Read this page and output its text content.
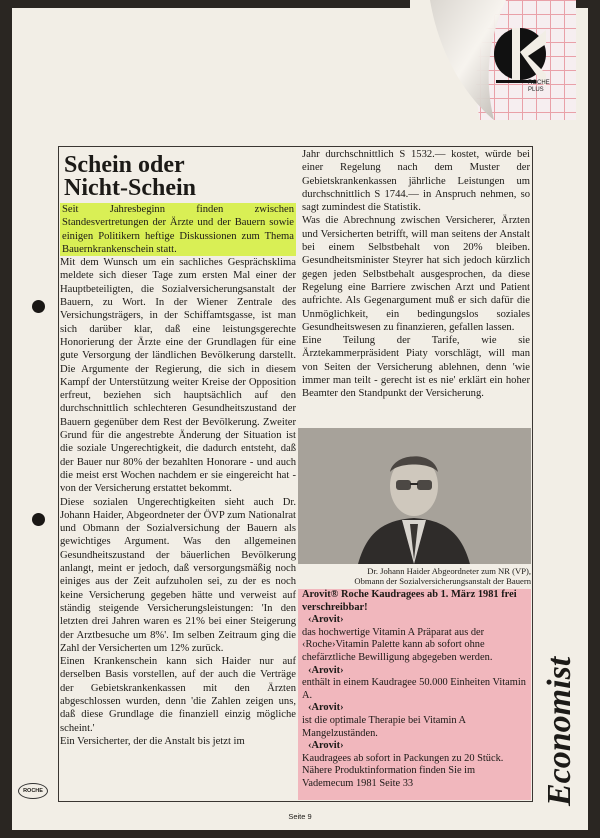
ROCHE
PLUS
Schein oder
Nicht-Schein

Seit Jahresbeginn finden zwischen Standesvertretungen der Ärzte und der Bauern sowie einigen Politikern heftige Diskussionen zum Thema Bauernkrankenschein statt.

Mit dem Wunsch um ein sachliches Gesprächsklima meldete sich dieser Tage zum ersten Mal einer der Hauptbeteiligten, die Sozialversicherungsanstalt der Bauern, zu Wort. In der Wiener Zentrale des Versichungsträgers, in der Schiffamtsgasse, ist man sich darüber klar, daß eine leistungsgerechte Honorierung der Ärzte eine der Grundlagen für eine gute Versorgung der ländlichen Bevölkerung darstellt. Die Argumente der Regierung, die sich in diesem Kampf der Unterstützung weiter Kreise der Opposition erfreut, beziehen sich hauptsächlich auf den durchschnittlich schlechteren Gesundheitszustand der Bauern gegenüber dem Rest der Bevölkerung. Zweiter Grund für die angestrebte Änderung der Situation ist die soziale Ungerechtigkeit, die dadurch entsteht, daß der Bauer nur 80% der bezahlten Honorare - und auch die meist erst Wochen nachdem er sie eingereicht hat - von der Versicherung erstattet bekommt.

Diese sozialen Ungerechtigkeiten sieht auch Dr. Johann Haider, Abgeordneter der ÖVP zum Nationalrat und Obmann der Sozialversichung der Bauern als gewichtiges Argument. Was den allgemeinen Gesundheitszustand der bäuerlichen Bevölkerung anlangt, meint er jedoch, daß versorgungsmäßig noch einiges aus der Zeit aufzuholen sei, zu der es noch keine Versicherung gegeben hätte und verweist auf ständig steigende Versicherungsleistungen: 'In den letzten drei Jahren waren es 21% bei einer Steigerung der Arztbesuche um 8%'. Im selben Zeitraum ging die Zahl der Versicherten um 12% zurück.

Einen Krankenschein kann sich Haider nur auf derselben Basis vorstellen, auf der auch die Verträge der Gebietskrankenkassen mit den Ärzten abgeschlossen wurden, denn 'die Zahlen zeigen uns, daß diese Grundlage die finanziell einzig mögliche scheint.'

Ein Versicherter, der die Anstalt bis jetzt im

Jahr durchschnittlich S 1532.— kostet, würde bei einer Regelung nach dem Muster der Gebietskrankenkassen jährliche Leistungen um durchschnittlich S 1744.— in Anspruch nehmen, so sagt zumindest die Statistik.

Was die Abrechnung zwischen Versicherer, Ärzten und Versicherten betrifft, will man seitens der Anstalt bei einem Selbstbehalt von 20% bleiben. Gesundheitsminister Steyrer hat sich jedoch kürzlich gegen jeden Selbstbehalt ausgesprochen, da diese Regelung eine Barriere zwischen Arzt und Patient aufrichte. Als Gegenargument muß er sich dafür die Unmöglichkeit, ein bedingungslos soziales Gesundheitswesen zu finanzieren, gefallen lassen.

Eine Teilung der Tarife, wie sie Ärztekammerpräsident Piaty vorschlägt, will man von Seiten der Versicherung ablehnen, denn 'wie immer man teilt - gerecht ist es nie' erklärt ein hoher Beamter den Standpunkt der Versicherung.

Dr. Johann Haider Abgeordneter zum NR (VP),
Obmann der Sozialversicherungsanstalt der Bauern
Arovit® Roche Kaudragees ab 1. März 1981 frei verschreibbar!
‹Arovit›
das hochwertige Vitamin A Präparat aus der ‹Roche›Vitamin Palette kann ab sofort ohne chefärztliche Bewilligung abgegeben werden.
‹Arovit›
enthält in einem Kaudragee 50.000 Einheiten Vitamin A.
‹Arovit›
ist die optimale Therapie bei Vitamin A Mangelzuständen.
‹Arovit›
Kaudragees ab sofort in Packungen zu 20 Stück.
Nähere Produktinformation finden Sie im Vademecum 1981 Seite 33	Economist
ROCHE
Seite 9
